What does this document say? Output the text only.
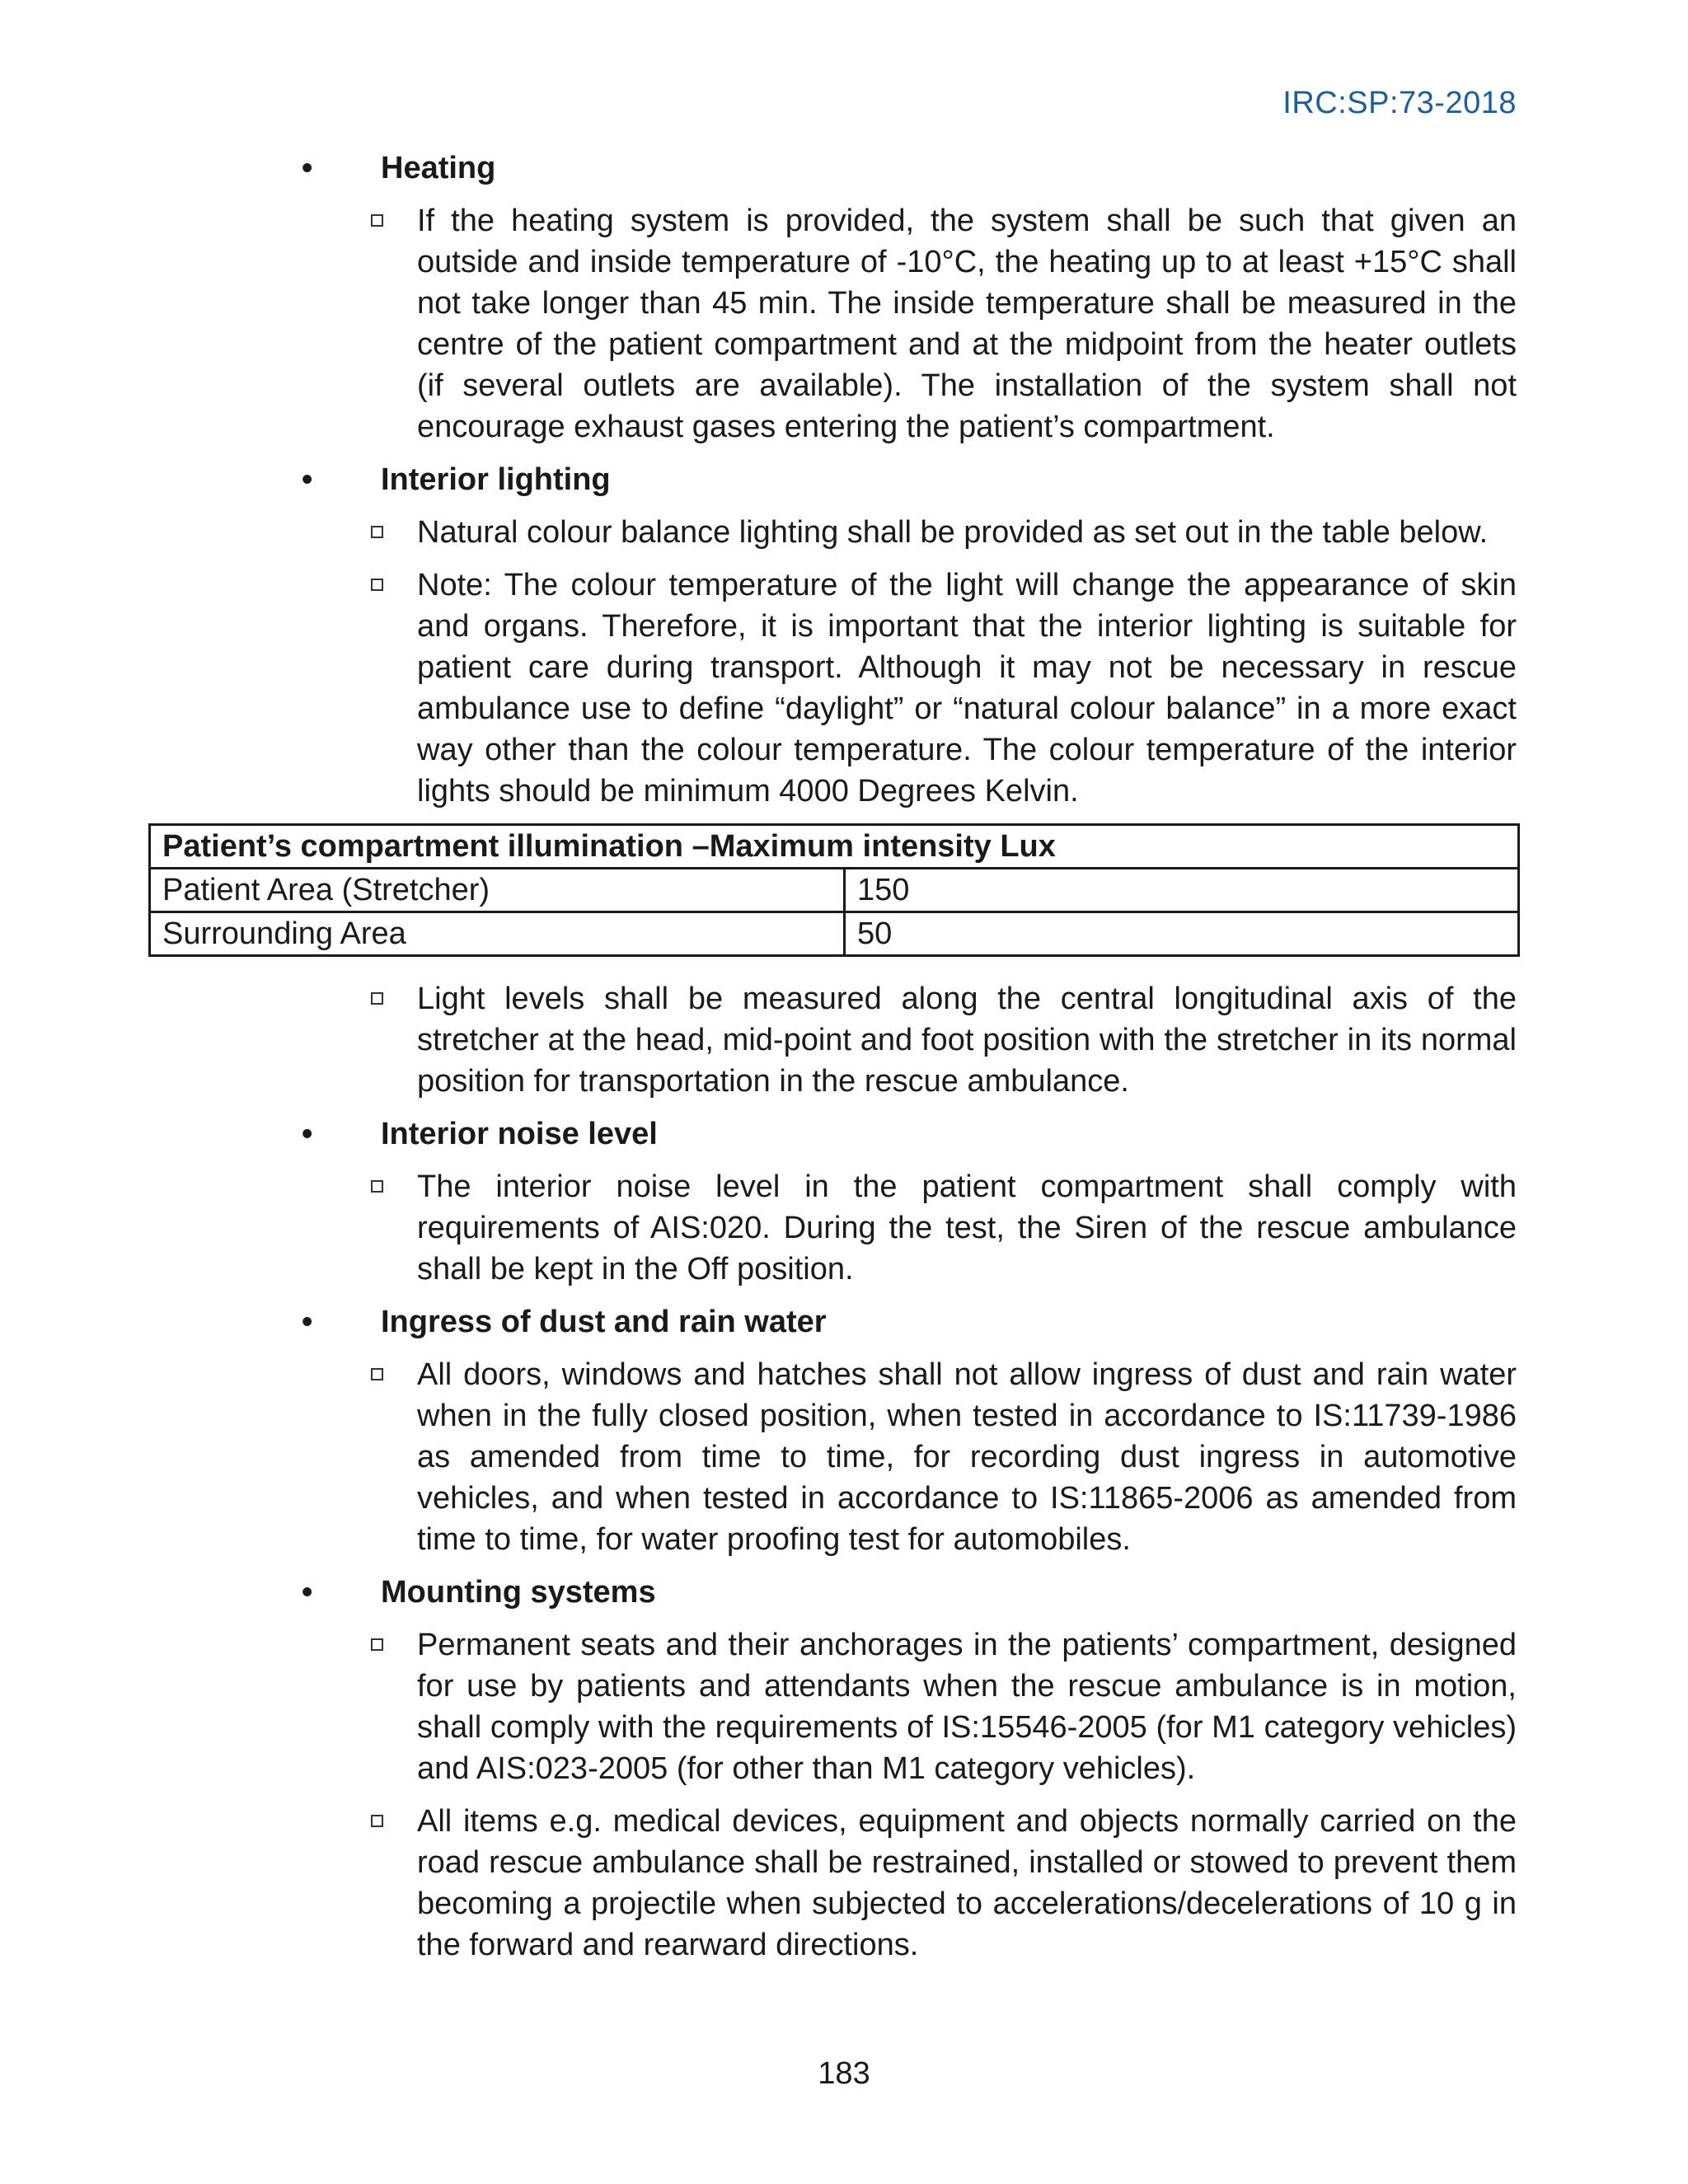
IRC:SP:73-2018
• Heating
If the heating system is provided, the system shall be such that given an outside and inside temperature of -10°C, the heating up to at least +15°C shall not take longer than 45 min. The inside temperature shall be measured in the centre of the patient compartment and at the midpoint from the heater outlets (if several outlets are available). The installation of the system shall not encourage exhaust gases entering the patient’s compartment.
• Interior lighting
Natural colour balance lighting shall be provided as set out in the table below.
Note: The colour temperature of the light will change the appearance of skin and organs. Therefore, it is important that the interior lighting is suitable for patient care during transport. Although it may not be necessary in rescue ambulance use to define “daylight” or “natural colour balance” in a more exact way other than the colour temperature. The colour temperature of the interior lights should be minimum 4000 Degrees Kelvin.
Patient’s compartment illumination –Maximum intensity Lux	
Patient Area (Stretcher)	150
Surrounding Area	50
Light levels shall be measured along the central longitudinal axis of the stretcher at the head, mid-point and foot position with the stretcher in its normal position for transportation in the rescue ambulance.
• Interior noise level
The interior noise level in the patient compartment shall comply with requirements of AIS:020. During the test, the Siren of the rescue ambulance shall be kept in the Off position.
• Ingress of dust and rain water
All doors, windows and hatches shall not allow ingress of dust and rain water when in the fully closed position, when tested in accordance to IS:11739-1986 as amended from time to time, for recording dust ingress in automotive vehicles, and when tested in accordance to IS:11865-2006 as amended from time to time, for water proofing test for automobiles.
• Mounting systems
Permanent seats and their anchorages in the patients’ compartment, designed for use by patients and attendants when the rescue ambulance is in motion, shall comply with the requirements of IS:15546-2005 (for M1 category vehicles) and AIS:023-2005 (for other than M1 category vehicles).
All items e.g. medical devices, equipment and objects normally carried on the road rescue ambulance shall be restrained, installed or stowed to prevent them becoming a projectile when subjected to accelerations/decelerations of 10 g in the forward and rearward directions.
183
